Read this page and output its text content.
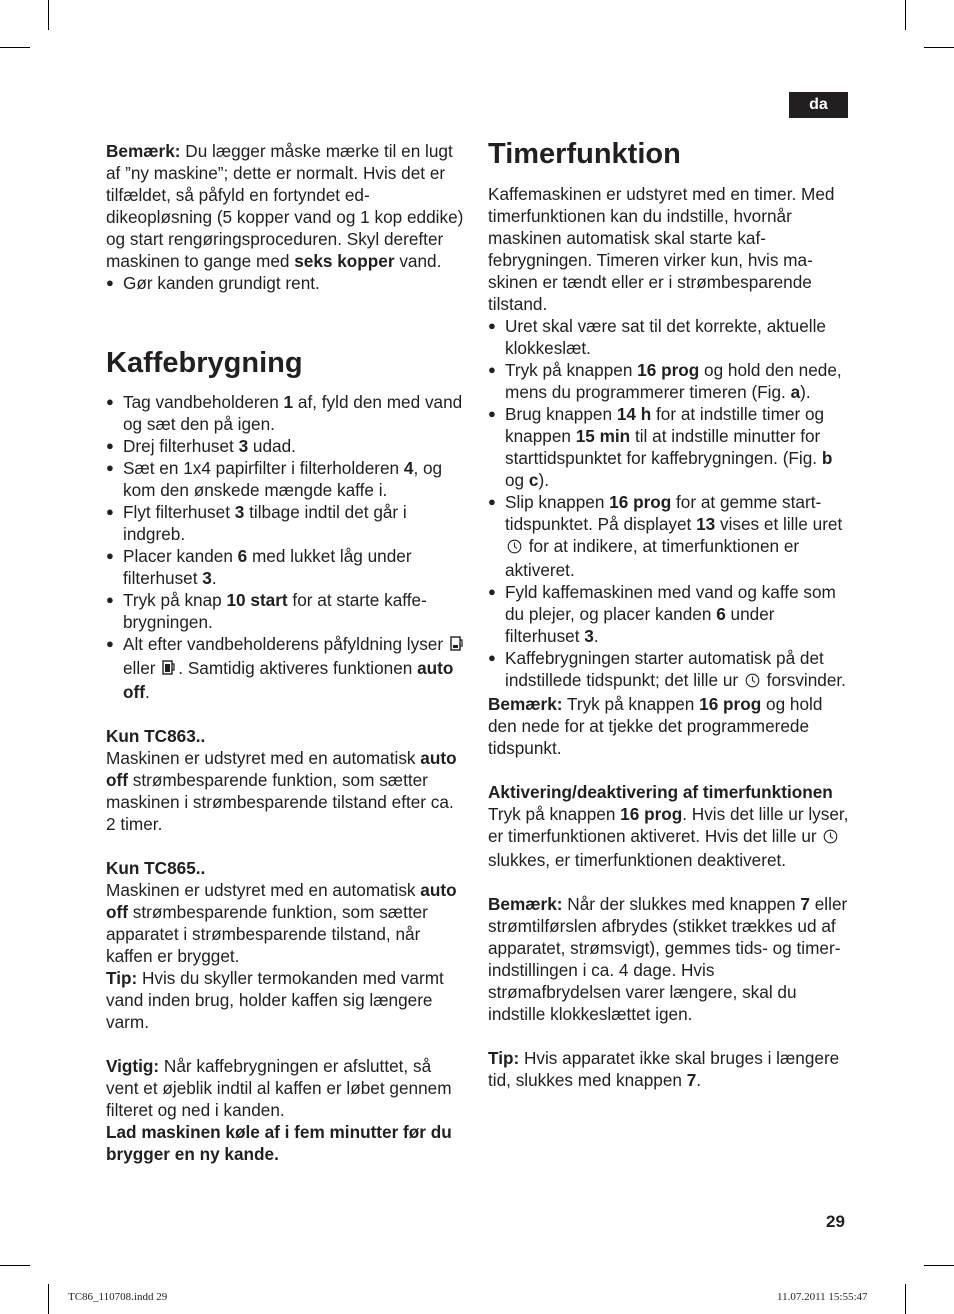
da

Bemærk: Du lægger måske mærke til en lugt af ”ny maskine”; dette er normalt. Hvis det er tilfældet, så påfyld en fortyndet eddikeopløsning (5 kopper vand og 1 kop eddike) og start rengøringsproceduren. Skyl derefter maskinen to gange med seks kopper vand.

● Gør kanden grundigt rent.
Kaffebrygning
● Tag vandbeholderen 1 af, fyld den med vand og sæt den på igen.
● Drej filterhuset 3 udad.
● Sæt en 1x4 papirfilter i filterholderen 4, og kom den ønskede mængde kaffe i.
● Flyt filterhuset 3 tilbage indtil det går i indgreb.
● Placer kanden 6 med lukket låg under filterhuset 3.
● Tryk på knap 10 start for at starte kaffebrygningen.
● Alt efter vandbeholderens påfyldning lyser  eller . Samtidig aktiveres funktionen auto off.
Kun TC863..

Maskinen er udstyret med en automatisk auto off strømbesparende funktion, som sætter maskinen i strømbesparende tilstand efter ca. 2 timer.

Kun TC865..

Maskinen er udstyret med en automatisk auto off strømbesparende funktion, som sætter apparatet i strømbesparende tilstand, når kaffen er brygget.

Tip: Hvis du skyller termokanden med varmt vand inden brug, holder kaffen sig længere varm.

Vigtig: Når kaffebrygningen er afsluttet, så vent et øjeblik indtil al kaffen er løbet gennem filteret og ned i kanden.

Lad maskinen køle af i fem minutter før du brygger en ny kande.

Timerfunktion

Kaffemaskinen er udstyret med en timer. Med timerfunktionen kan du indstille, hvornår maskinen automatisk skal starte kaffebrygningen. Timeren virker kun, hvis maskinen er tændt eller er i strømbesparende tilstand.

● Uret skal være sat til det korrekte, aktuelle klokkeslæt.
● Tryk på knappen 16 prog og hold den nede, mens du programmerer timeren (Fig. a).
● Brug knappen 14 h for at indstille timer og knappen 15 min til at indstille minutter for starttidspunktet for kaffebrygningen. (Fig. b og c).
● Slip knappen 16 prog for at gemme starttidspunktet. På displayet 13 vises et lille uret  for at indikere, at timerfunktionen er aktiveret.
● Fyld kaffemaskinen med vand og kaffe som du plejer, og placer kanden 6 under filterhuset 3.
● Kaffebrygningen starter automatisk på det indstillede tidspunkt; det lille ur  forsvinder.

Bemærk: Tryk på knappen 16 prog og hold den nede for at tjekke det programmerede tidspunkt.

Aktivering/deaktivering af timerfunktionen

Tryk på knappen 16 prog. Hvis det lille ur lyser, er timerfunktionen aktiveret. Hvis det lille ur  slukkes, er timerfunktionen deaktiveret.

Bemærk: Når der slukkes med knappen 7 eller strømtilførslen afbrydes (stikket trækkes ud af apparatet, strømsvigt), gemmes tids- og timer-indstillingen i ca. 4 dage. Hvis strømafbrydelsen varer længere, skal du indstille klokkeslættet igen.

Tip: Hvis apparatet ikke skal bruges i længere tid, slukkes med knappen 7.

29
TC86_110708.indd 29	11.07.2011 15:55:47
